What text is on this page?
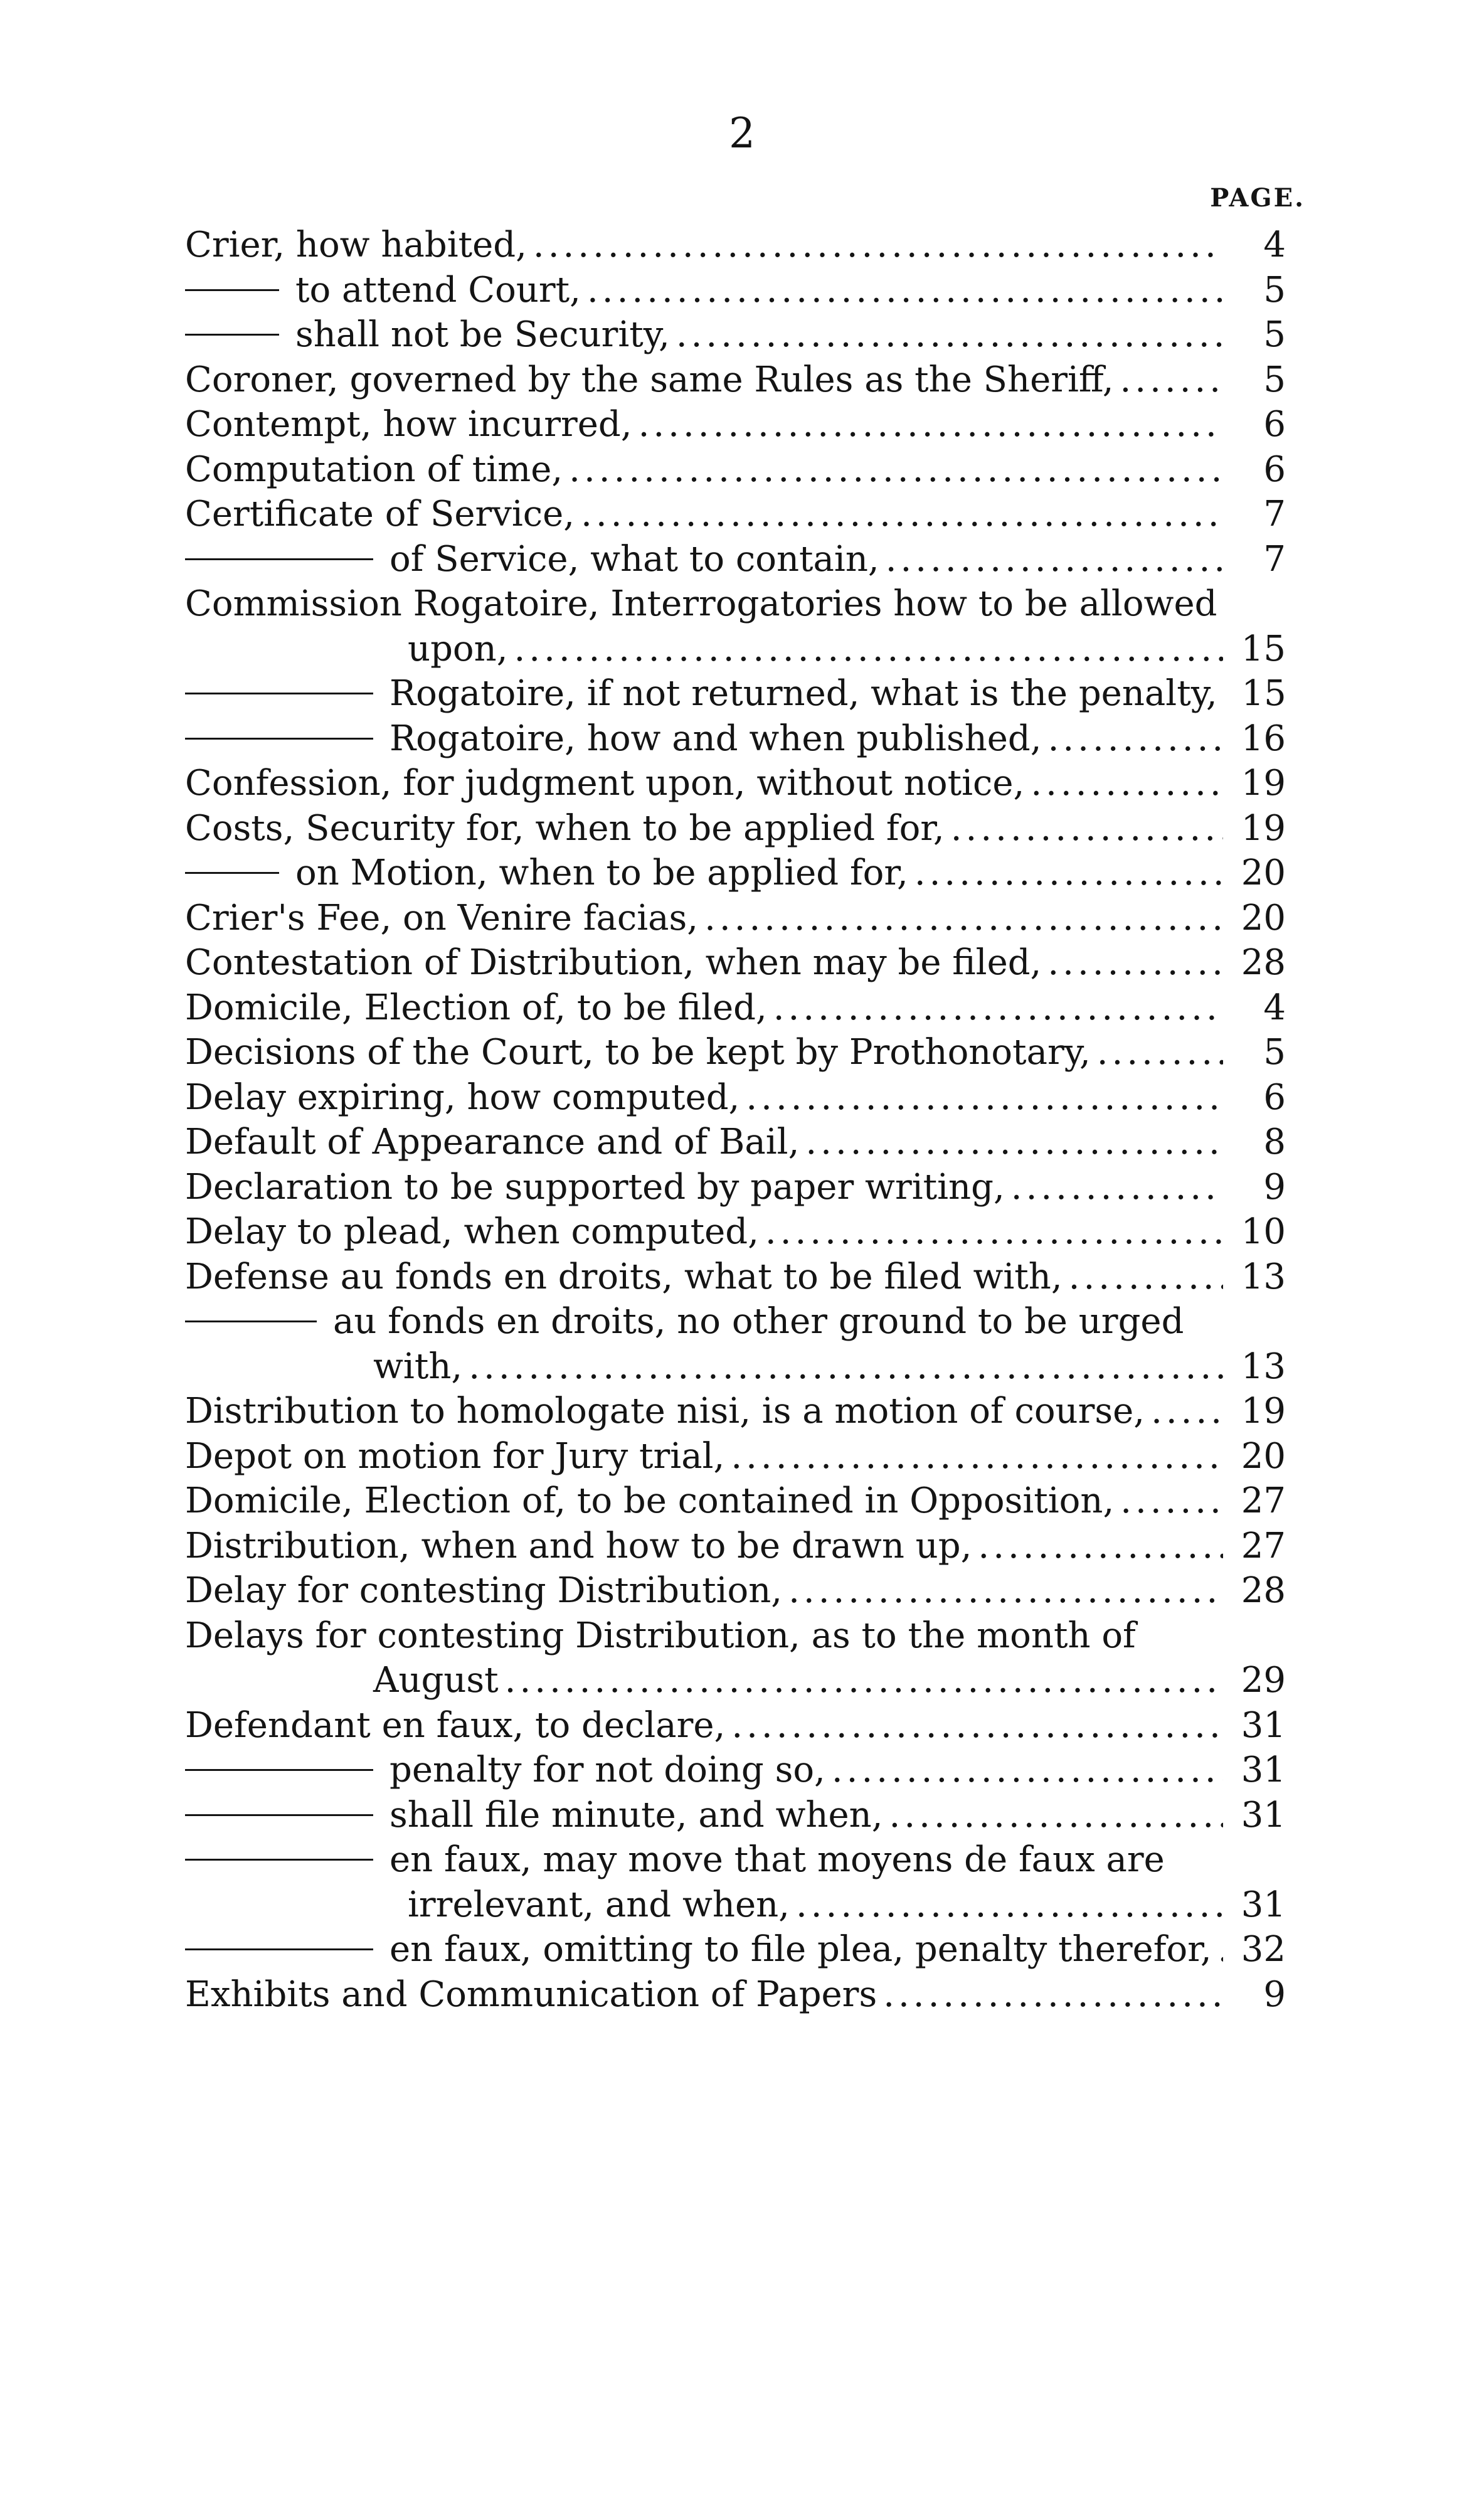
2
PAGE.
Crier, how habited, .....	4
to attend Court, .....	5
shall not be Security, .....	5
Coroner, governed by the same Rules as the Sheriff, .....	5
Contempt, how incurred, .....	6
Computation of time, .....	6
Certificate of Service, .....	7
of Service, what to contain, .....	7
Commission Rogatoire, Interrogatories how to be allowed
upon, .....	15
Rogatoire, if not returned, what is the penalty, 15
Rogatoire, how and when published, .....	16
Confession, for judgment upon, without notice, .....	19
Costs, Security for, when to be applied for, .....	19
on Motion, when to be applied for, .....	20
Crier's Fee, on Venire facias, .....	20
Contestation of Distribution, when may be filed, .....	28
Domicile, Election of, to be filed, .....	4
Decisions of the Court, to be kept by Prothonotary, .....	5
Delay expiring, how computed, .....	6
Default of Appearance and of Bail, .....	8
Declaration to be supported by paper writing, .....	9
Delay to plead, when computed, .....	10
Defense au fonds en droits, what to be filed with, .....	13
au fonds en droits, no other ground to be urged
with, .....	13
Distribution to homologate nisi, is a motion of course, .....	19
Depot on motion for Jury trial, .....	20
Domicile, Election of, to be contained in Opposition, .....	27
Distribution, when and how to be drawn up, .....	27
Delay for contesting Distribution, .....	28
Delays for contesting Distribution, as to the month of
August .....	29
Defendant en faux, to declare, .....	31
penalty for not doing so, .....	31
shall file minute, and when, .....	31
en faux, may move that moyens de faux are
irrelevant, and when, .....	31
en faux, omitting to file plea, penalty therefor, ..... 32
Exhibits and Communication of Papers .....	9
